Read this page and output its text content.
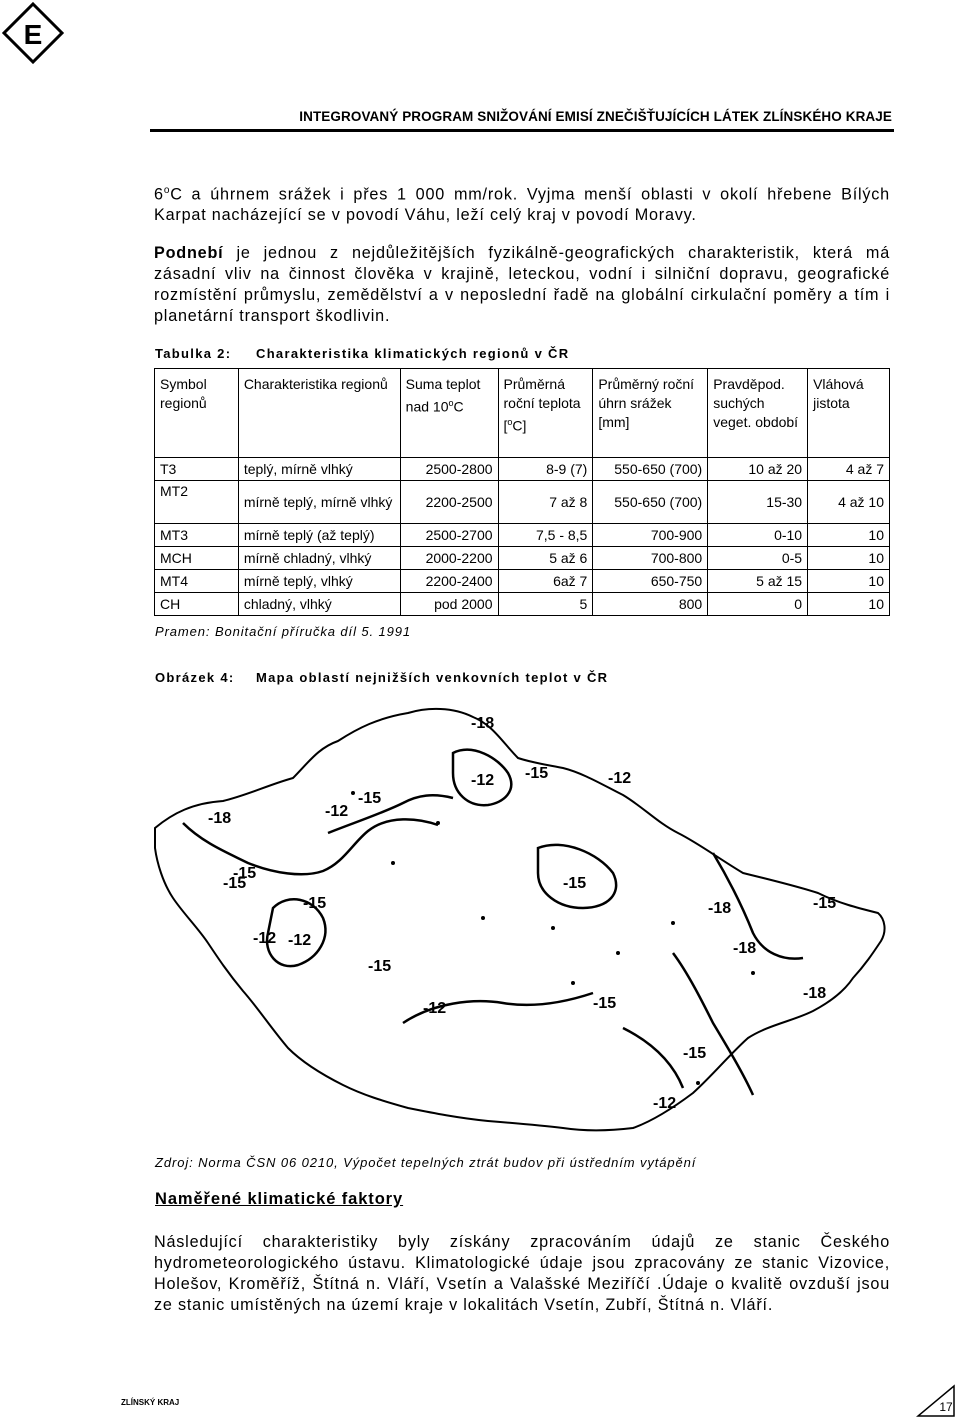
E
INTEGROVANÝ PROGRAM SNIŽOVÁNÍ EMISÍ ZNEČIŠŤUJÍCÍCH LÁTEK ZLÍNSKÉHO KRAJE
6$^o$C a úhrnem srážek i přes 1 000 mm/rok. Vyjma menší oblasti v okolí hřebene Bílých Karpat nacházející se v povodí Váhu, leží celý kraj v povodí Moravy.
Podnebí je jednou z nejdůležitějších fyzikálně-geografických charakteristik, která má zásadní vliv na činnost člověka v krajině, leteckou, vodní i silniční dopravu, geografické rozmístění průmyslu, zemědělství a v neposlední řadě na globální cirkulační poměry a tím i planetární transport škodlivin.
Tabulka 2: Charakteristika klimatických regionů v ČR
Symbol regionů	Charakteristika regionů	Suma teplot nad 10$^o$C	Průměrná roční teplota [$^o$C]	Průměrný roční úhrn srážek [mm]	Pravděpod. suchých veget. období	Vláhová jistota
T3	teplý, mírně vlhký	2500-2800	8-9 (7)	550-650 (700)	10 až 20	4 až 7
MT2	mírně teplý, mírně vlhký	2200-2500	7 až 8	550-650 (700)	15-30	4 až 10
MT3	mírně teplý (až teplý)	2500-2700	7,5 - 8,5	700-900	0-10	10
MCH	mírně chladný, vlhký	2000-2200	5 až 6	700-800	0-5	10
MT4	mírně teplý, vlhký	2200-2400	6až 7	650-750	5 až 15	10
CH	chladný, vlhký	pod 2000	5	800	0	10
Pramen: Bonitační příručka díl 5. 1991
Obrázek 4: Mapa oblastí nejnižších venkovních teplot v ČR
-18
-15
-12
-15
-12
-18
-15
-12
-15
-15
-12
-15
-12
-15
-15
-18	-15
-18
-12
-15
-12
-18
Zdroj: Norma ČSN 06 0210, Výpočet tepelných ztrát budov při ústředním vytápění
Naměřené klimatické faktory
Následující charakteristiky byly získány zpracováním údajů ze stanic Českého hydrometeorologického ústavu. Klimatologické údaje jsou zpracovány ze stanic Vizovice, Holešov, Kroměříž, Štítná n. Vláří, Vsetín a Valašské Meziříčí .Údaje o kvalitě ovzduší jsou ze stanic umístěných na území kraje v lokalitách Vsetín, Zubří, Štítná n. Vláří.
ZLÍNSKÝ KRAJ	17
